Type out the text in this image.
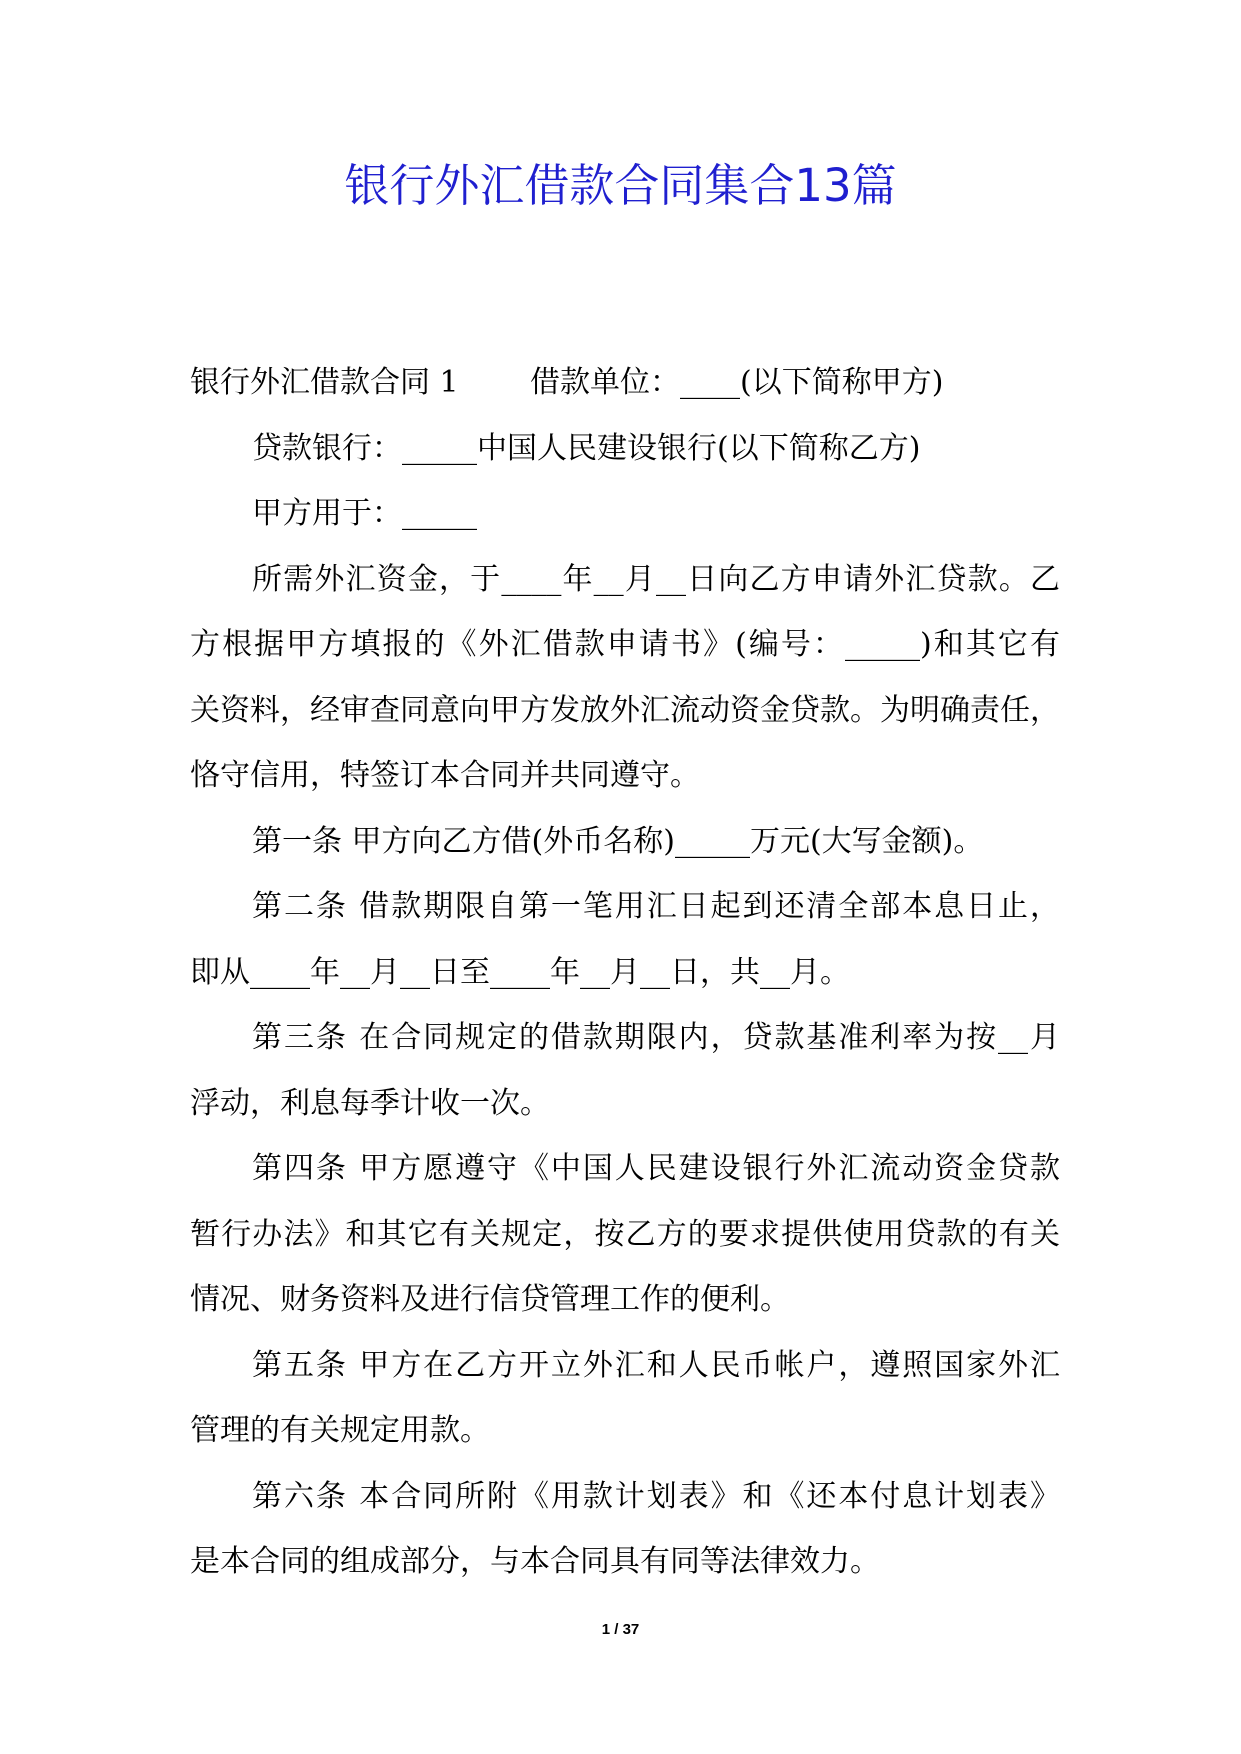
银行外汇借款合同集合13篇
银行外汇借款合同 1 借款单位：____(以下简称甲方)
贷款银行：_____中国人民建设银行(以下简称乙方)
甲方用于：_____
所需外汇资金，于____年__月__日向乙方申请外汇贷款。乙
方根据甲方填报的《外汇借款申请书》(编号：_____)和其它有
关资料，经审查同意向甲方发放外汇流动资金贷款。为明确责任，
恪守信用，特签订本合同并共同遵守。
第一条 甲方向乙方借(外币名称)_____万元(大写金额)。
第二条 借款期限自第一笔用汇日起到还清全部本息日止，
即从____年__月__日至____年__月__日，共__月。
第三条 在合同规定的借款期限内，贷款基准利率为按__月
浮动，利息每季计收一次。
第四条 甲方愿遵守《中国人民建设银行外汇流动资金贷款
暂行办法》和其它有关规定，按乙方的要求提供使用贷款的有关
情况、财务资料及进行信贷管理工作的便利。
第五条 甲方在乙方开立外汇和人民币帐户，遵照国家外汇
管理的有关规定用款。
第六条 本合同所附《用款计划表》和《还本付息计划表》
是本合同的组成部分，与本合同具有同等法律效力。
1 / 37
